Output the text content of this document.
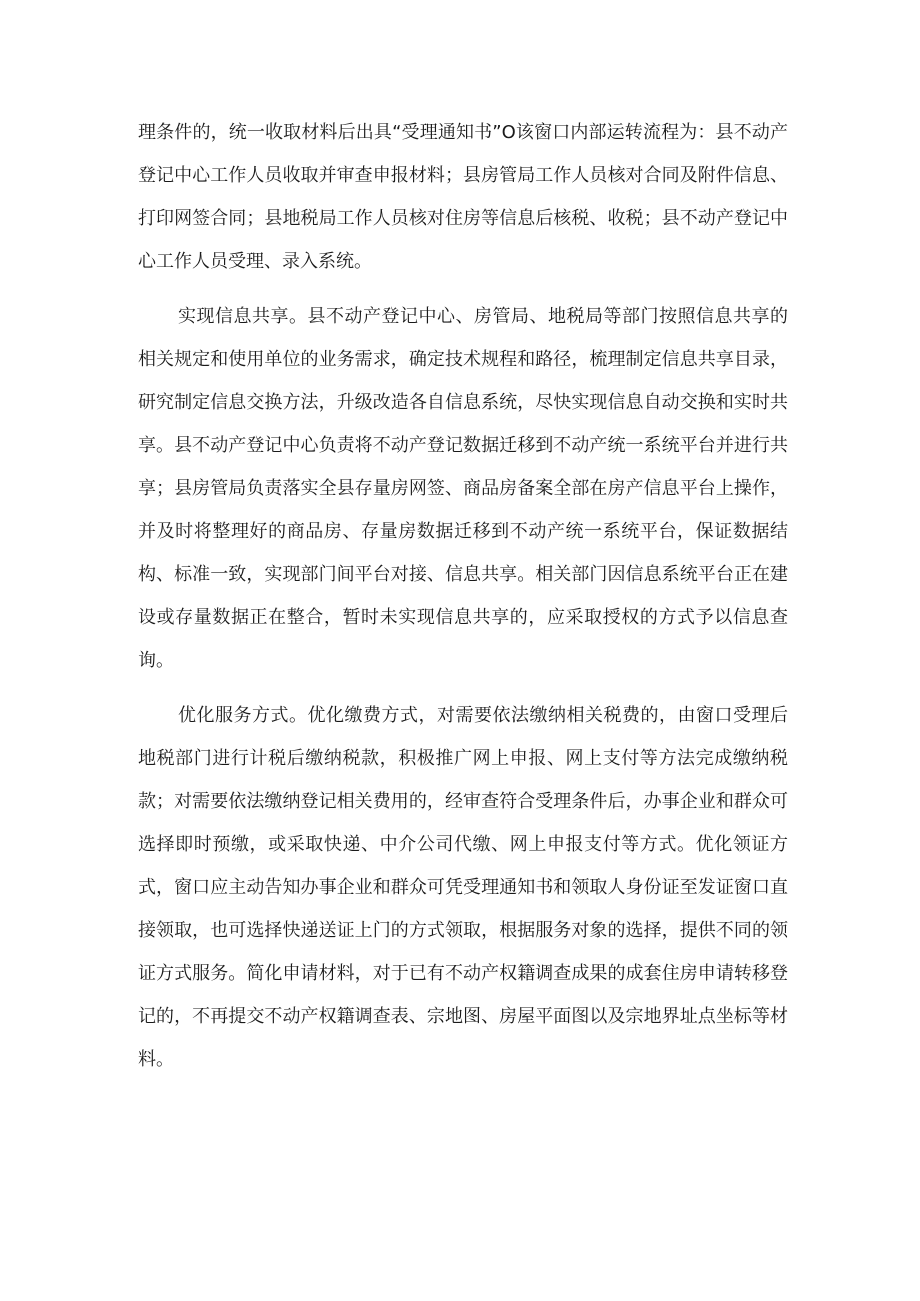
理条件的，统一收取材料后出具“受理通知书”O该窗口内部运转流程为：县不动产登记中心工作人员收取并审查申报材料；县房管局工作人员核对合同及附件信息、打印网签合同；县地税局工作人员核对住房等信息后核税、收税；县不动产登记中心工作人员受理、录入系统。

实现信息共享。县不动产登记中心、房管局、地税局等部门按照信息共享的相关规定和使用单位的业务需求，确定技术规程和路径，梳理制定信息共享目录，研究制定信息交换方法，升级改造各自信息系统，尽快实现信息自动交换和实时共享。县不动产登记中心负责将不动产登记数据迁移到不动产统一系统平台并进行共享；县房管局负责落实全县存量房网签、商品房备案全部在房产信息平台上操作，并及时将整理好的商品房、存量房数据迁移到不动产统一系统平台，保证数据结构、标准一致，实现部门间平台对接、信息共享。相关部门因信息系统平台正在建设或存量数据正在整合，暂时未实现信息共享的，应采取授权的方式予以信息查询。

优化服务方式。优化缴费方式，对需要依法缴纳相关税费的，由窗口受理后地税部门进行计税后缴纳税款，积极推广网上申报、网上支付等方法完成缴纳税款；对需要依法缴纳登记相关费用的，经审查符合受理条件后，办事企业和群众可选择即时预缴，或采取快递、中介公司代缴、网上申报支付等方式。优化领证方式，窗口应主动告知办事企业和群众可凭受理通知书和领取人身份证至发证窗口直接领取，也可选择快递送证上门的方式领取，根据服务对象的选择，提供不同的领证方式服务。简化申请材料，对于已有不动产权籍调查成果的成套住房申请转移登记的，不再提交不动产权籍调查表、宗地图、房屋平面图以及宗地界址点坐标等材料。
